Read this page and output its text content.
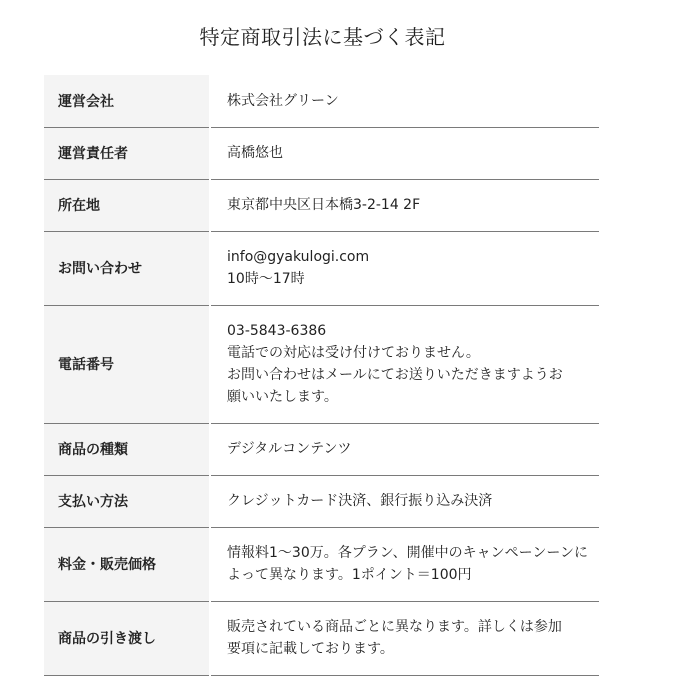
特定商取引法に基づく表記
運営会社	株式会社グリーン

運営責任者	高橋悠也

所在地	東京都中央区日本橋3-2-14 2F

お問い合わせ	info@gyakulogi.com
10時～17時

電話番号	03-5843-6386
電話での対応は受け付けておりません。
お問い合わせはメールにてお送りいただきますようお
願いいたします。

商品の種類	デジタルコンテンツ

支払い方法	クレジットカード決済、銀行振り込み決済

料金・販売価格	情報料1～30万。各プラン、開催中のキャンペーンーンに
よって異なります。1ポイント＝100円

商品の引き渡し	販売されている商品ごとに異なります。詳しくは参加
要項に記載しております。
